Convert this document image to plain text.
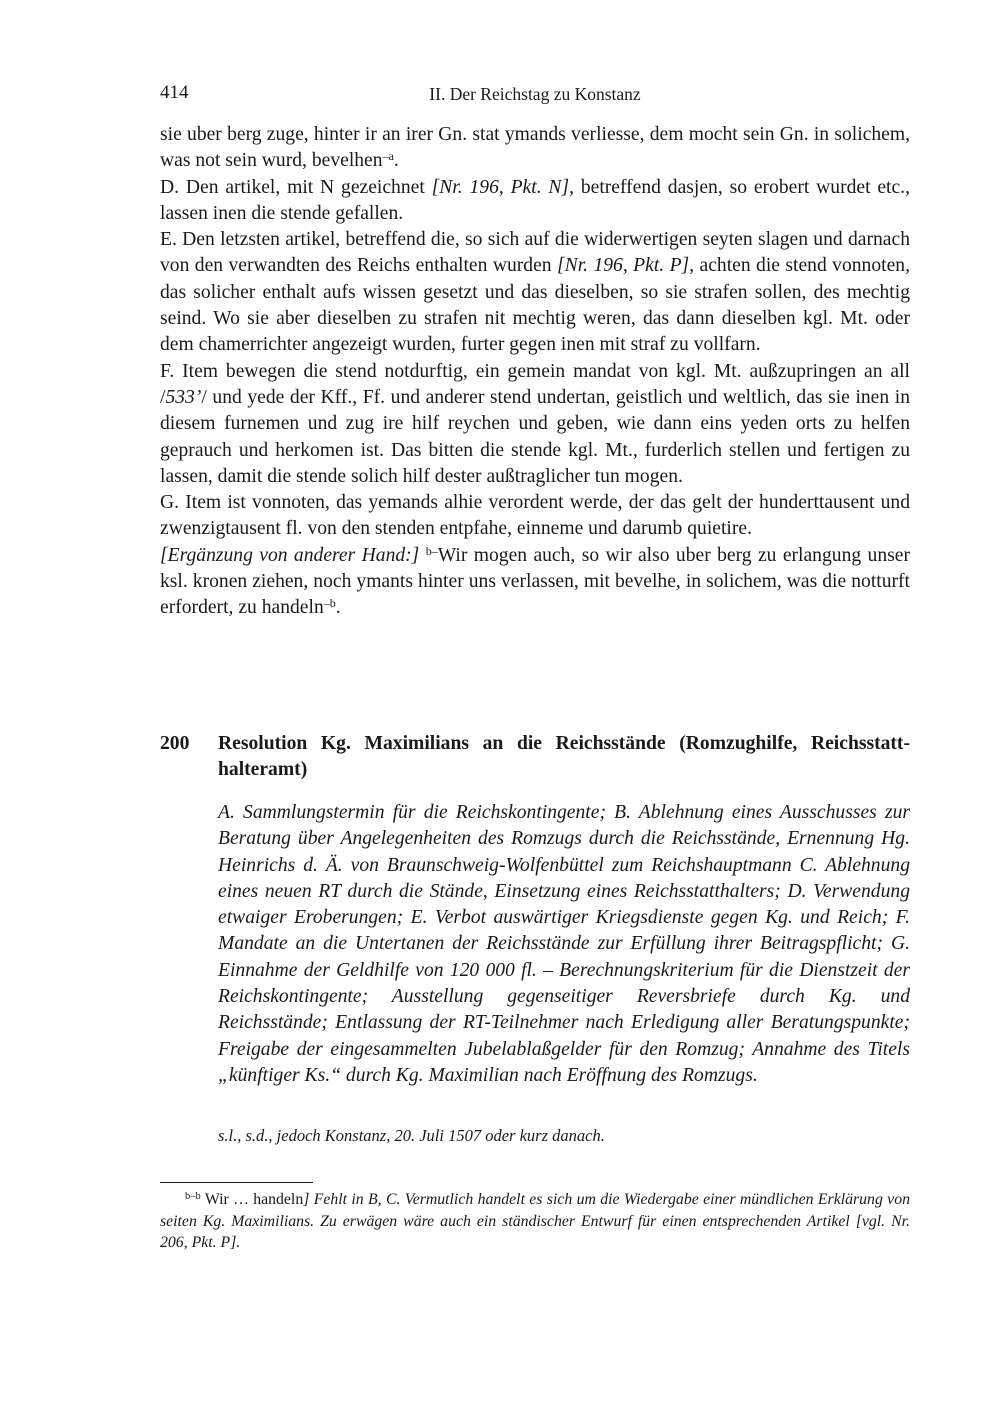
414	II. Der Reichstag zu Konstanz

sie uber berg zuge, hinter ir an irer Gn. stat ymands verliesse, dem mocht sein Gn. in solichem, was not sein wurd, bevelhen$^{-a}$.

D. Den artikel, mit N gezeichnet [Nr. 196, Pkt. N], betreffend dasjen, so erobert wurdet etc., lassen inen die stende gefallen.

E. Den letzsten artikel, betreffend die, so sich auf die widerwertigen seyten slagen und darnach von den verwandten des Reichs enthalten wurden [Nr. 196, Pkt. P], achten die stend vonnoten, das solicher enthalt aufs wissen gesetzt und das dieselben, so sie strafen sollen, des mechtig seind. Wo sie aber dieselben zu strafen nit mechtig weren, das dann dieselben kgl. Mt. oder dem chamerrichter angezeigt wurden, furter gegen inen mit straf zu vollfarn.

F. Item bewegen die stend notdurftig, ein gemein mandat von kgl. Mt. außzupringen an all /533’/ und yede der Kff., Ff. und anderer stend undertan, geistlich und weltlich, das sie inen in diesem furnemen und zug ire hilf reychen und geben, wie dann eins yeden orts zu helfen geprauch und herkomen ist. Das bitten die stende kgl. Mt., furderlich stellen und fertigen zu lassen, damit die stende solich hilf dester außtraglicher tun mogen.

G. Item ist vonnoten, das yemands alhie verordent werde, der das gelt der hunderttausent und zwenzigtausent fl. von den stenden entpfahe, einneme und darumb quietire.

[Ergänzung von anderer Hand:] $^{b-}$Wir mogen auch, so wir also uber berg zu erlangung unser ksl. kronen ziehen, noch ymants hinter uns verlassen, mit bevelhe, in solichem, was die notturft erfordert, zu handeln$^{-b}$.

200	Resolution Kg. Maximilians an die Reichsstände (Romzughilfe, Reichsstatthalteramt)

A. Sammlungstermin für die Reichskontingente; B. Ablehnung eines Ausschusses zur Beratung über Angelegenheiten des Romzugs durch die Reichsstände, Ernennung Hg. Heinrichs d. Ä. von Braunschweig-Wolfenbüttel zum Reichshauptmann C. Ablehnung eines neuen RT durch die Stände, Einsetzung eines Reichsstatthalters; D. Verwendung etwaiger Eroberungen; E. Verbot auswärtiger Kriegsdienste gegen Kg. und Reich; F. Mandate an die Untertanen der Reichsstände zur Erfüllung ihrer Beitragspflicht; G. Einnahme der Geldhilfe von 120 000 fl. – Berechnungskriterium für die Dienstzeit der Reichskontingente; Ausstellung gegenseitiger Reversbriefe durch Kg. und Reichsstände; Entlassung der RT-Teilnehmer nach Erledigung aller Beratungspunkte; Freigabe der eingesammelten Jubelablaßgelder für den Romzug; Annahme des Titels „künftiger Ks.“ durch Kg. Maximilian nach Eröffnung des Romzugs.

s.l., s.d., jedoch Konstanz, 20. Juli 1507 oder kurz danach.
$^{b-b}$ Wir … handeln] Fehlt in B, C. Vermutlich handelt es sich um die Wiedergabe einer mündlichen Erklärung von seiten Kg. Maximilians. Zu erwägen wäre auch ein ständischer Entwurf für einen entsprechenden Artikel [vgl. Nr. 206, Pkt. P].
